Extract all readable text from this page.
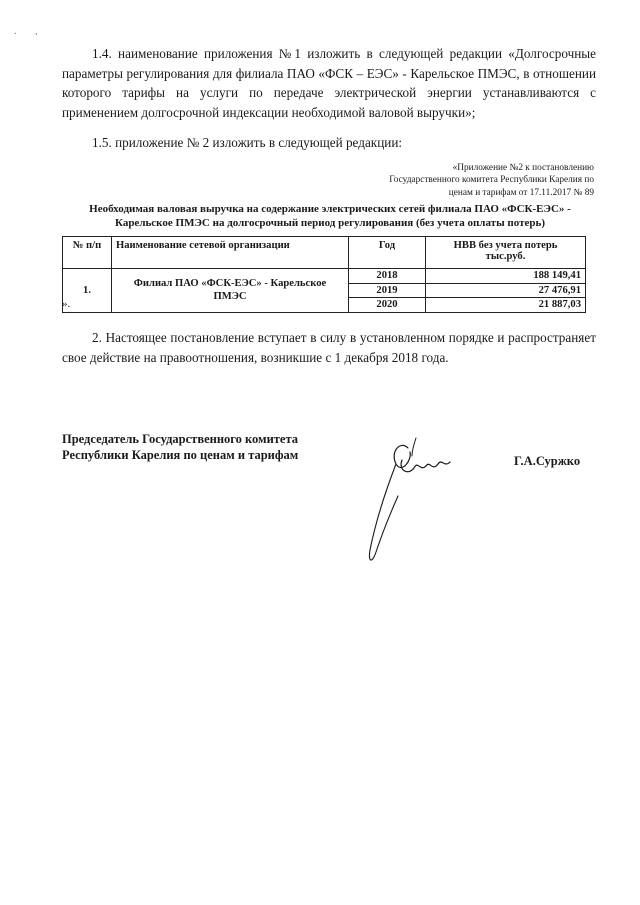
. ,

1.4. наименование приложения №1 изложить в следующей редакции «Долгосрочные параметры регулирования для филиала ПАО «ФСК – ЕЭС» - Карельское ПМЭС, в отношении которого тарифы на услуги по передаче электрической энергии устанавливаются с применением долгосрочной индексации необходимой валовой выручки»;

1.5. приложение № 2 изложить в следующей редакции:

«Приложение №2 к постановлению
Государственного комитета Республики Карелия по
ценам и тарифам от 17.11.2017 № 89
Необходимая валовая выручка на содержание электрических сетей филиала ПАО «ФСК-ЕЭС» -
Карельское ПМЭС на долгосрочный период регулирования (без учета оплаты потерь)
№ п/п	Наименование сетевой организации	Год	НВВ без учета потерь
тыс.руб.

1.	Филиал ПАО «ФСК-ЕЭС» - Карельское
ПМЭС	2018	188 149,41
		2019	27 476,91
		2020	21 887,03
».

2. Настоящее постановление вступает в силу в установленном порядке и распространяет свое действие на правоотношения, возникшие с 1 декабря 2018 года.

Председатель Государственного комитета
Республики Карелия по ценам и тарифам	Г.А.Суржко
